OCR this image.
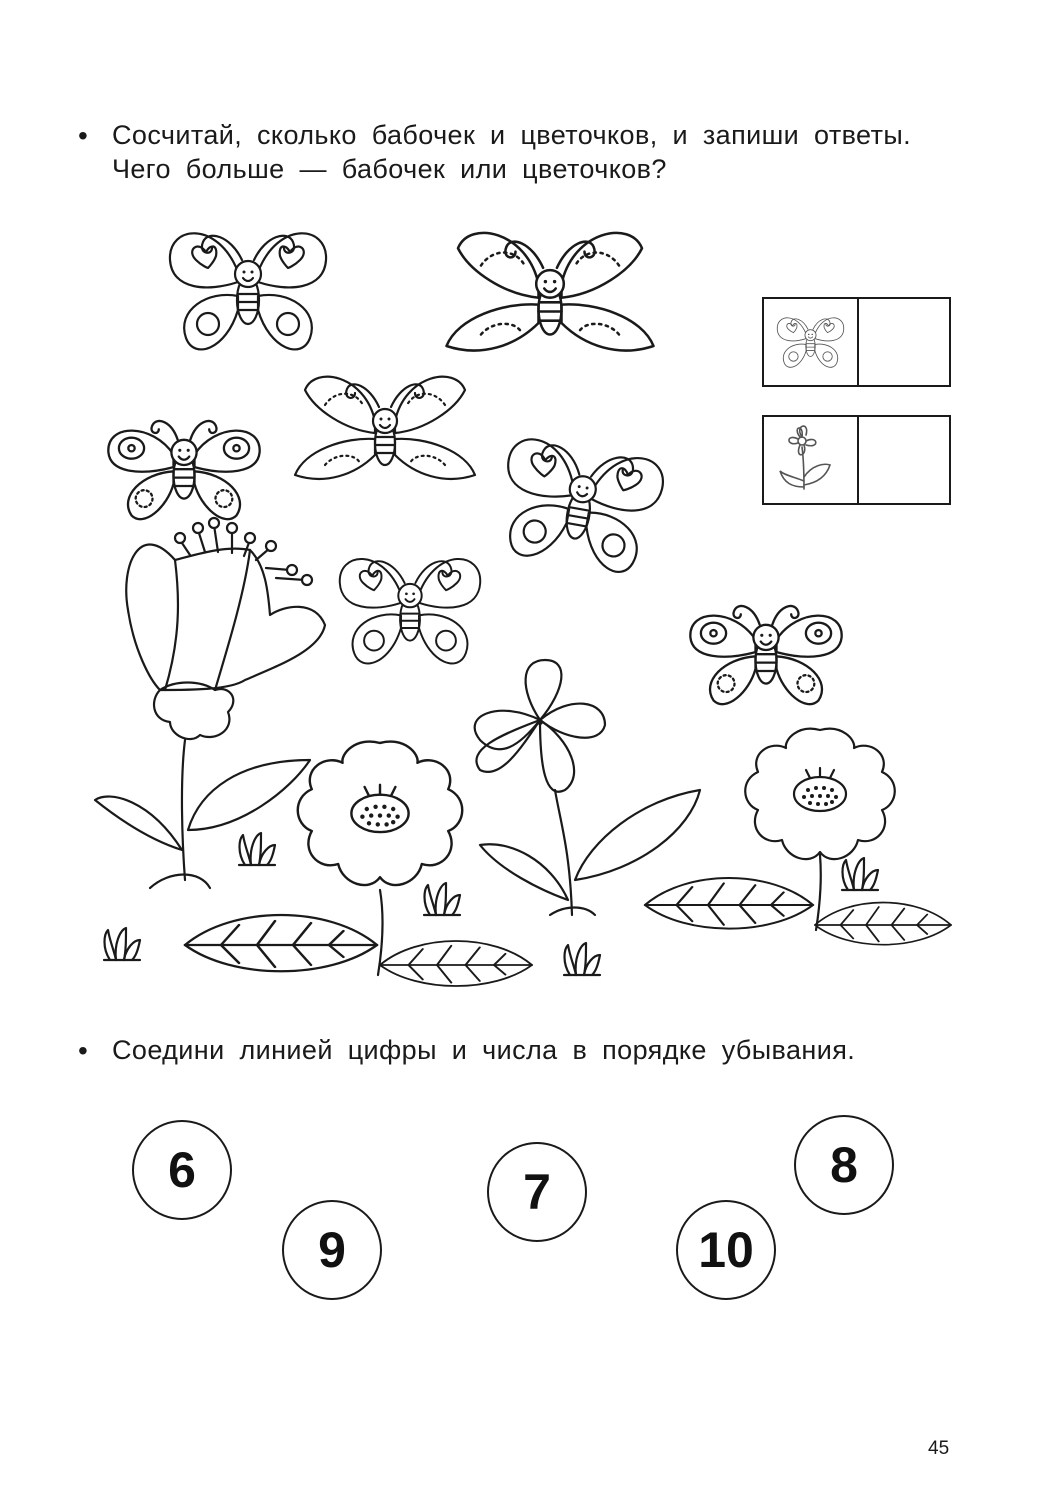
• Сосчитай, сколько бабочек и цветочков, и запиши ответы.
Чего больше — бабочек или цветочков?
• Соедини линией цифры и числа в порядке убывания.
6
9
7
10
8
45
